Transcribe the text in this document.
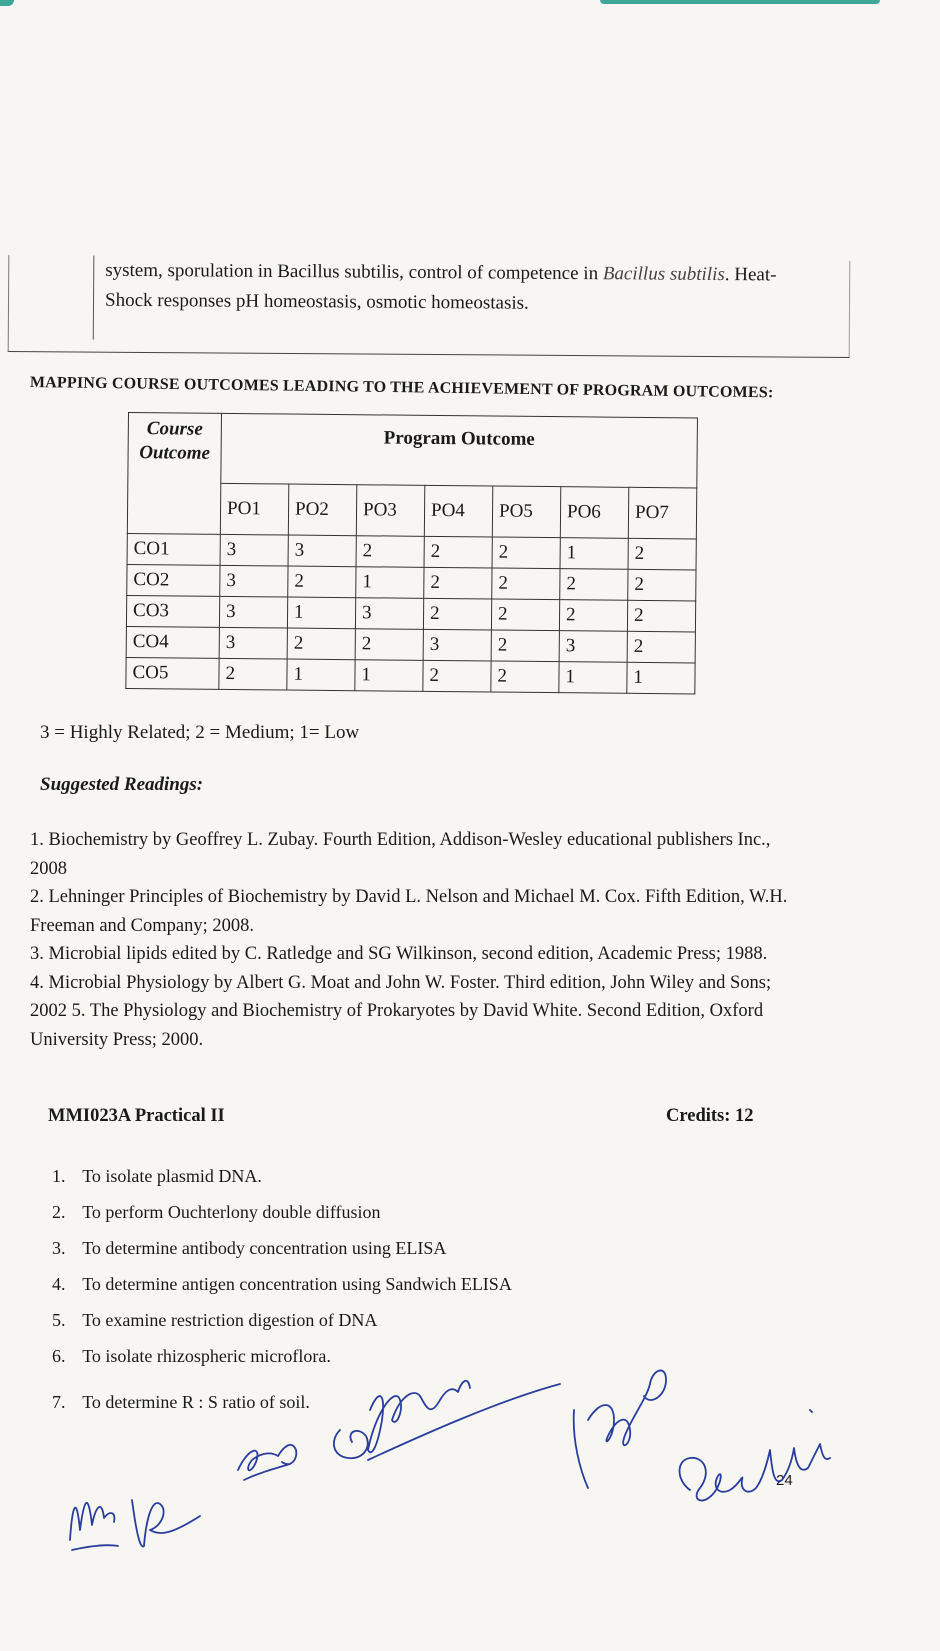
system, sporulation in Bacillus subtilis, control of competence in Bacillus subtilis. Heat-
Shock responses pH homeostasis, osmotic homeostasis.
MAPPING COURSE OUTCOMES LEADING TO THE ACHIEVEMENT OF PROGRAM OUTCOMES:
Course
Outcome	Program Outcome						
	PO1	PO2	PO3	PO4	PO5	PO6	PO7
CO1	3	3	2	2	2	1	2
CO2	3	2	1	2	2	2	2
CO3	3	1	3	2	2	2	2
CO4	3	2	2	3	2	3	2
CO5	2	1	1	2	2	1	1
3 = Highly Related; 2 = Medium; 1= Low
Suggested Readings:

1. Biochemistry by Geoffrey L. Zubay. Fourth Edition, Addison-Wesley educational publishers Inc., 2008

2. Lehninger Principles of Biochemistry by David L. Nelson and Michael M. Cox. Fifth Edition, W.H. Freeman and Company; 2008.

3. Microbial lipids edited by C. Ratledge and SG Wilkinson, second edition, Academic Press; 1988.

4. Microbial Physiology by Albert G. Moat and John W. Foster. Third edition, John Wiley and Sons; 2002 5. The Physiology and Biochemistry of Prokaryotes by David White. Second Edition, Oxford University Press; 2000.

MMI023A Practical II	Credits: 12
1. To isolate plasmid DNA.
2. To perform Ouchterlony double diffusion
3. To determine antibody concentration using ELISA
4. To determine antigen concentration using Sandwich ELISA
5. To examine restriction digestion of DNA
6. To isolate rhizospheric microflora.
7. To determine R : S ratio of soil.
24
